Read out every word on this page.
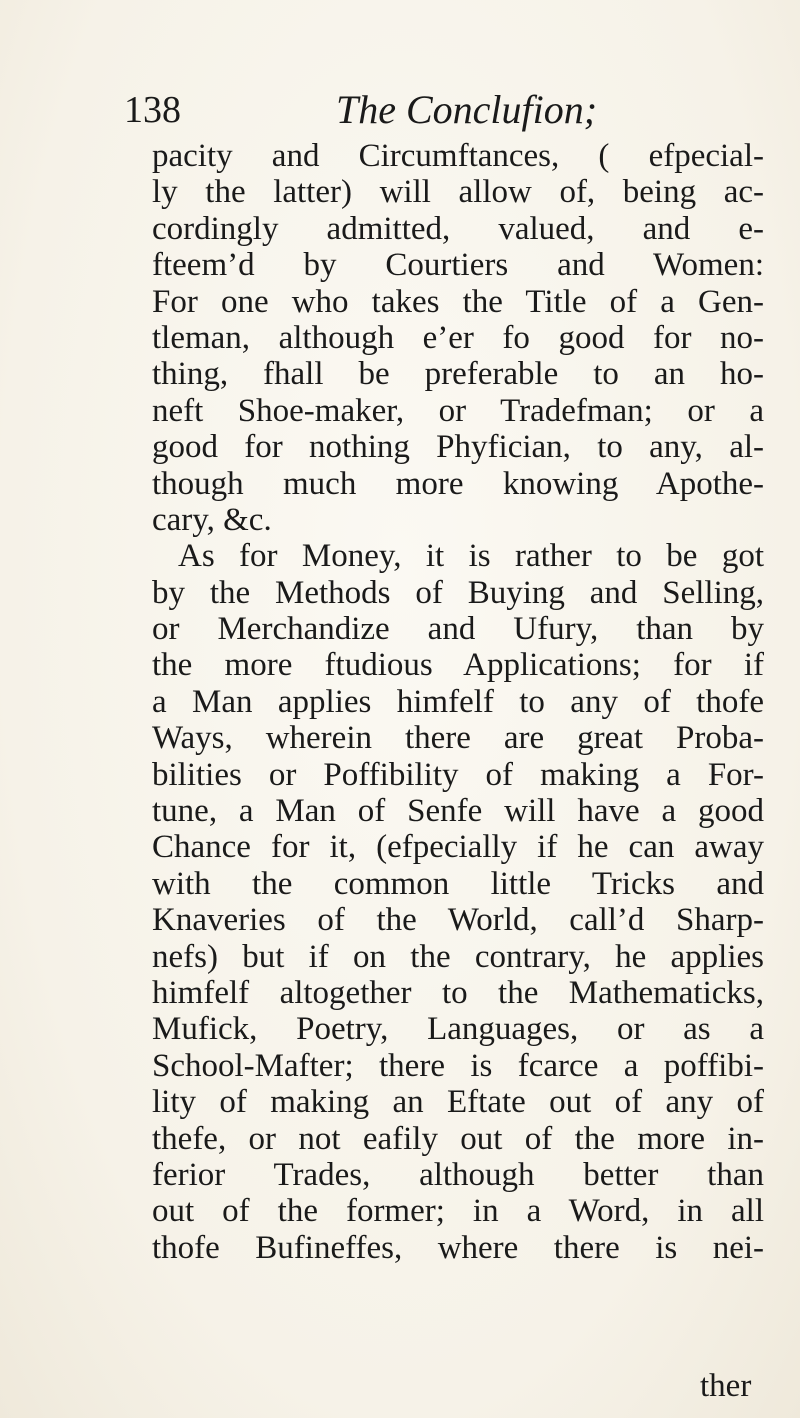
138	The Conclufion;
pacity and Circumftances, ( efpecial-
ly the latter) will allow of, being ac-
cordingly admitted, valued, and e-
fteem’d by Courtiers and Women:
For one who takes the Title of a Gen-
tleman, although e’er fo good for no-
thing, fhall be preferable to an ho-
neft Shoe-maker, or Tradefman; or a
good for nothing Phyfician, to any, al-
though much more knowing Apothe-
cary, &c.
As for Money, it is rather to be got
by the Methods of Buying and Selling,
or Merchandize and Ufury, than by
the more ftudious Applications; for if
a Man applies himfelf to any of thofe
Ways, wherein there are great Proba-
bilities or Poffibility of making a For-
tune, a Man of Senfe will have a good
Chance for it, (efpecially if he can away
with the common little Tricks and
Knaveries of the World, call’d Sharp-
nefs) but if on the contrary, he applies
himfelf altogether to the Mathematicks,
Mufick, Poetry, Languages, or as a
School-Mafter; there is fcarce a poffibi-
lity of making an Eftate out of any of
thefe, or not eafily out of the more in-
ferior Trades, although better than
out of the former; in a Word, in all
thofe Bufineffes, where there is nei-
ther
